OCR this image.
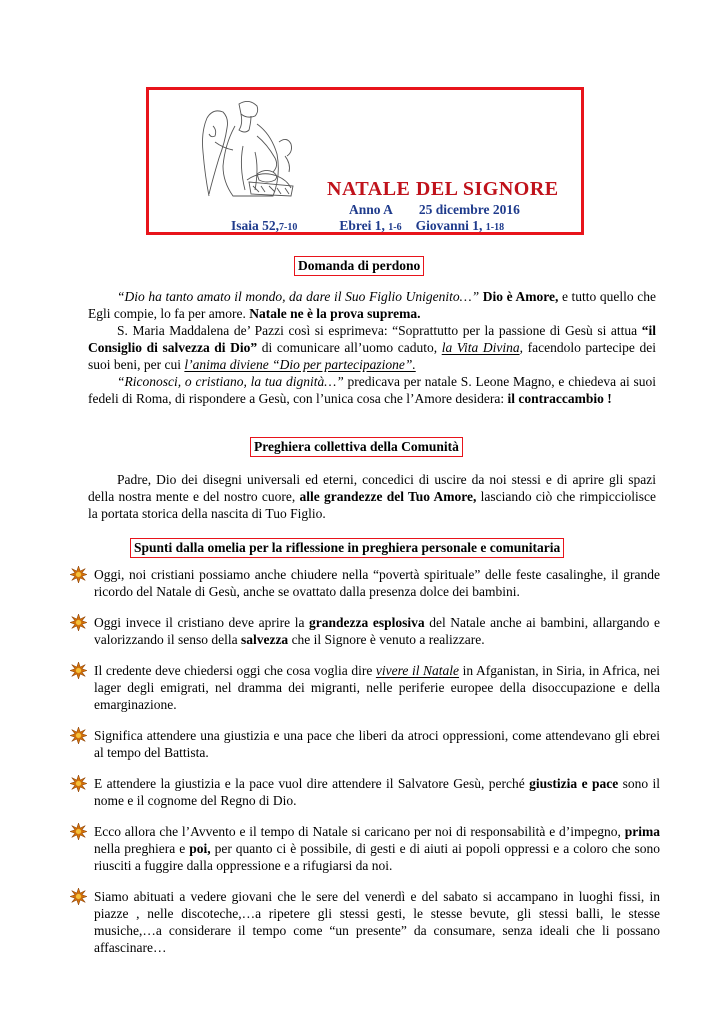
NATALE DEL SIGNORE
Anno A 25 dicembre 2016
Isaia 52,7-10	Ebrei 1, 1-6 Giovanni 1, 1-18
Domanda di perdono

“Dio ha tanto amato il mondo, da dare il Suo Figlio Unigenito…” Dio è Amore, e tutto quello che Egli compie, lo fa per amore. Natale ne è la prova suprema.

S. Maria Maddalena de’ Pazzi così si esprimeva: “Soprattutto per la passione di Gesù si attua “il Consiglio di salvezza di Dio” di comunicare all’uomo caduto, la Vita Divina, facendolo partecipe dei suoi beni, per cui l’anima diviene “Dio per partecipazione”.

“Riconosci, o cristiano, la tua dignità…” predicava per natale S. Leone Magno, e chiedeva ai suoi fedeli di Roma, di rispondere a Gesù, con l’unica cosa che l’Amore desidera: il contraccambio !

Preghiera collettiva della Comunità

Padre, Dio dei disegni universali ed eterni, concedici di uscire da noi stessi e di aprire gli spazi della nostra mente e del nostro cuore, alle grandezze del Tuo Amore, lasciando ciò che rimpicciolisce la portata storica della nascita di Tuo Figlio.

Spunti dalla omelia per la riflessione in preghiera personale e comunitaria
Oggi, noi cristiani possiamo anche chiudere nella “povertà spirituale” delle feste casalinghe, il grande ricordo del Natale di Gesù, anche se ovattato dalla presenza dolce dei bambini.
Oggi invece il cristiano deve aprire la grandezza esplosiva del Natale anche ai bambini, allargando e valorizzando il senso della salvezza che il Signore è venuto a realizzare.
Il credente deve chiedersi oggi che cosa voglia dire vivere il Natale in Afganistan, in Siria, in Africa, nei lager degli emigrati, nel dramma dei migranti, nelle periferie europee della disoccupazione e della emarginazione.
Significa attendere una giustizia e una pace che liberi da atroci oppressioni, come attendevano gli ebrei al tempo del Battista.
E attendere la giustizia e la pace vuol dire attendere il Salvatore Gesù, perché giustizia e pace sono il nome e il cognome del Regno di Dio.
Ecco allora che l’Avvento e il tempo di Natale si caricano per noi di responsabilità e d’impegno, prima nella preghiera e poi, per quanto ci è possibile, di gesti e di aiuti ai popoli oppressi e a coloro che sono riusciti a fuggire dalla oppressione e a rifugiarsi da noi.
Siamo abituati a vedere giovani che le sere del venerdì e del sabato si accampano in luoghi fissi, in piazze , nelle discoteche,…a ripetere gli stessi gesti, le stesse bevute, gli stessi balli, le stesse musiche,…a considerare il tempo come “un presente” da consumare, senza ideali che li possano affascinare…
